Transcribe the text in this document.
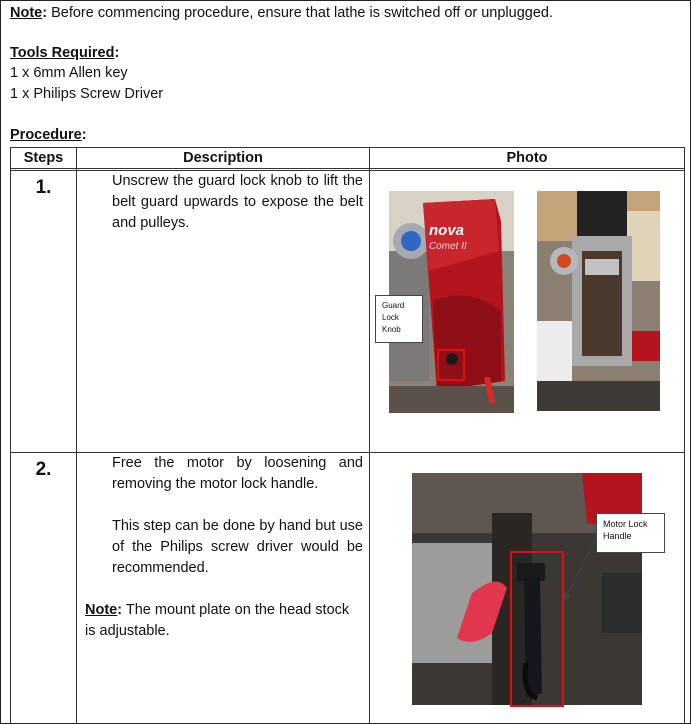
Note: Before commencing procedure, ensure that lathe is switched off or unplugged.
Tools Required:
1 x 6mm Allen key
1 x Philips Screw Driver
Procedure:
Steps	Description	Photo

1.	Unscrew the guard lock knob to lift the belt guard upwards to expose the belt and pulleys.	nova
Comet II
Guard Lock Knob

2.	Free the motor by loosening and removing the motor lock handle.

This step can be done by hand but use of the Philips screw driver would be recommended.

Note: The mount plate on the head stock is adjustable.	Motor Lock Handle
